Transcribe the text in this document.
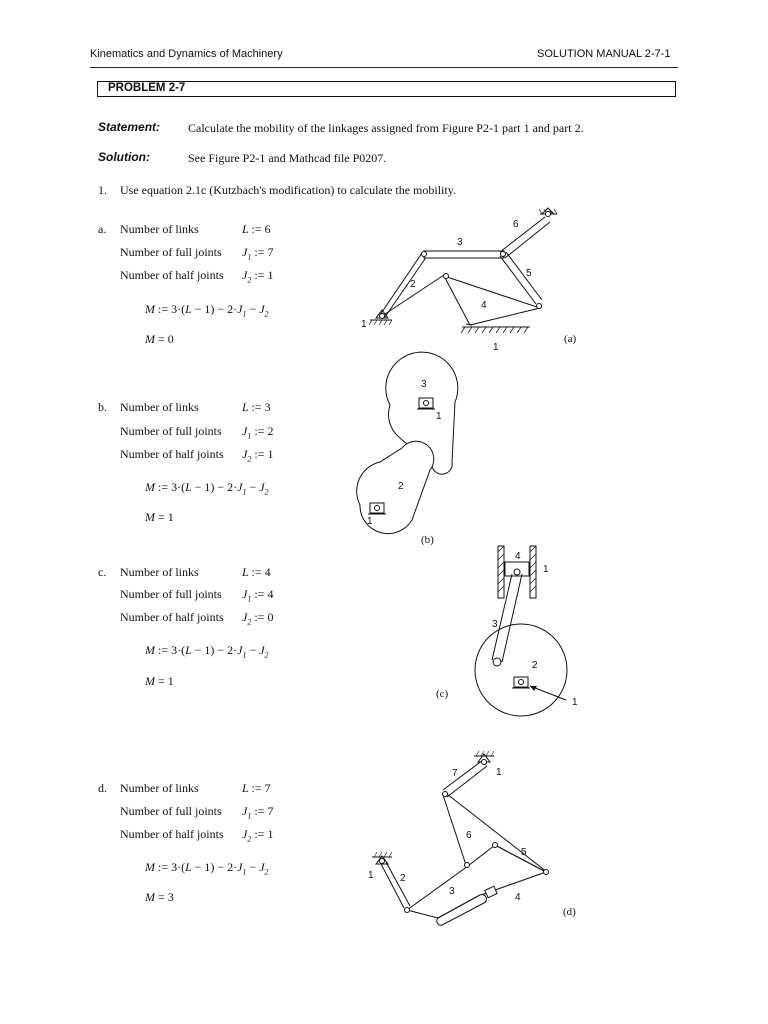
Kinematics and Dynamics of Machinery	SOLUTION MANUAL 2-7-1
PROBLEM 2-7
Statement: Calculate the mobility of the linkages assigned from Figure P2-1 part 1 and part 2.
Solution:	See Figure P2-1 and Mathcad file P0207.
1. Use equation 2.1c (Kutzbach's modification) to calculate the mobility.
a. Number of links	L := 6
Number of full joints $J_1$ := 7
Number of half joints $J_2$ := 1
M := $3\cdot(L - 1) - 2\cdot J_1 - J_2$
M = 0
1
2
3
4
5
6
1
(a)
b. Number of links	L := 3
Number of full joints $J_1$ := 2
Number of half joints $J_2$ := 1
M := $3\cdot(L - 1) - 2\cdot J_1 - J_2$
M = 1
3
1
2
1
(b)
c. Number of links	L := 4
Number of full joints $J_1$ := 4
Number of half joints $J_2$ := 0
M := $3\cdot(L - 1) - 2\cdot J_1 - J_2$
M = 1
4
1
3
2
1
(c)
d. Number of links	L := 7
Number of full joints $J_1$ := 7
Number of half joints $J_2$ := 1
M := $3\cdot(L - 1) - 2\cdot J_1 - J_2$
M = 3
7	1
6
5
1	2
3
4
(d)
